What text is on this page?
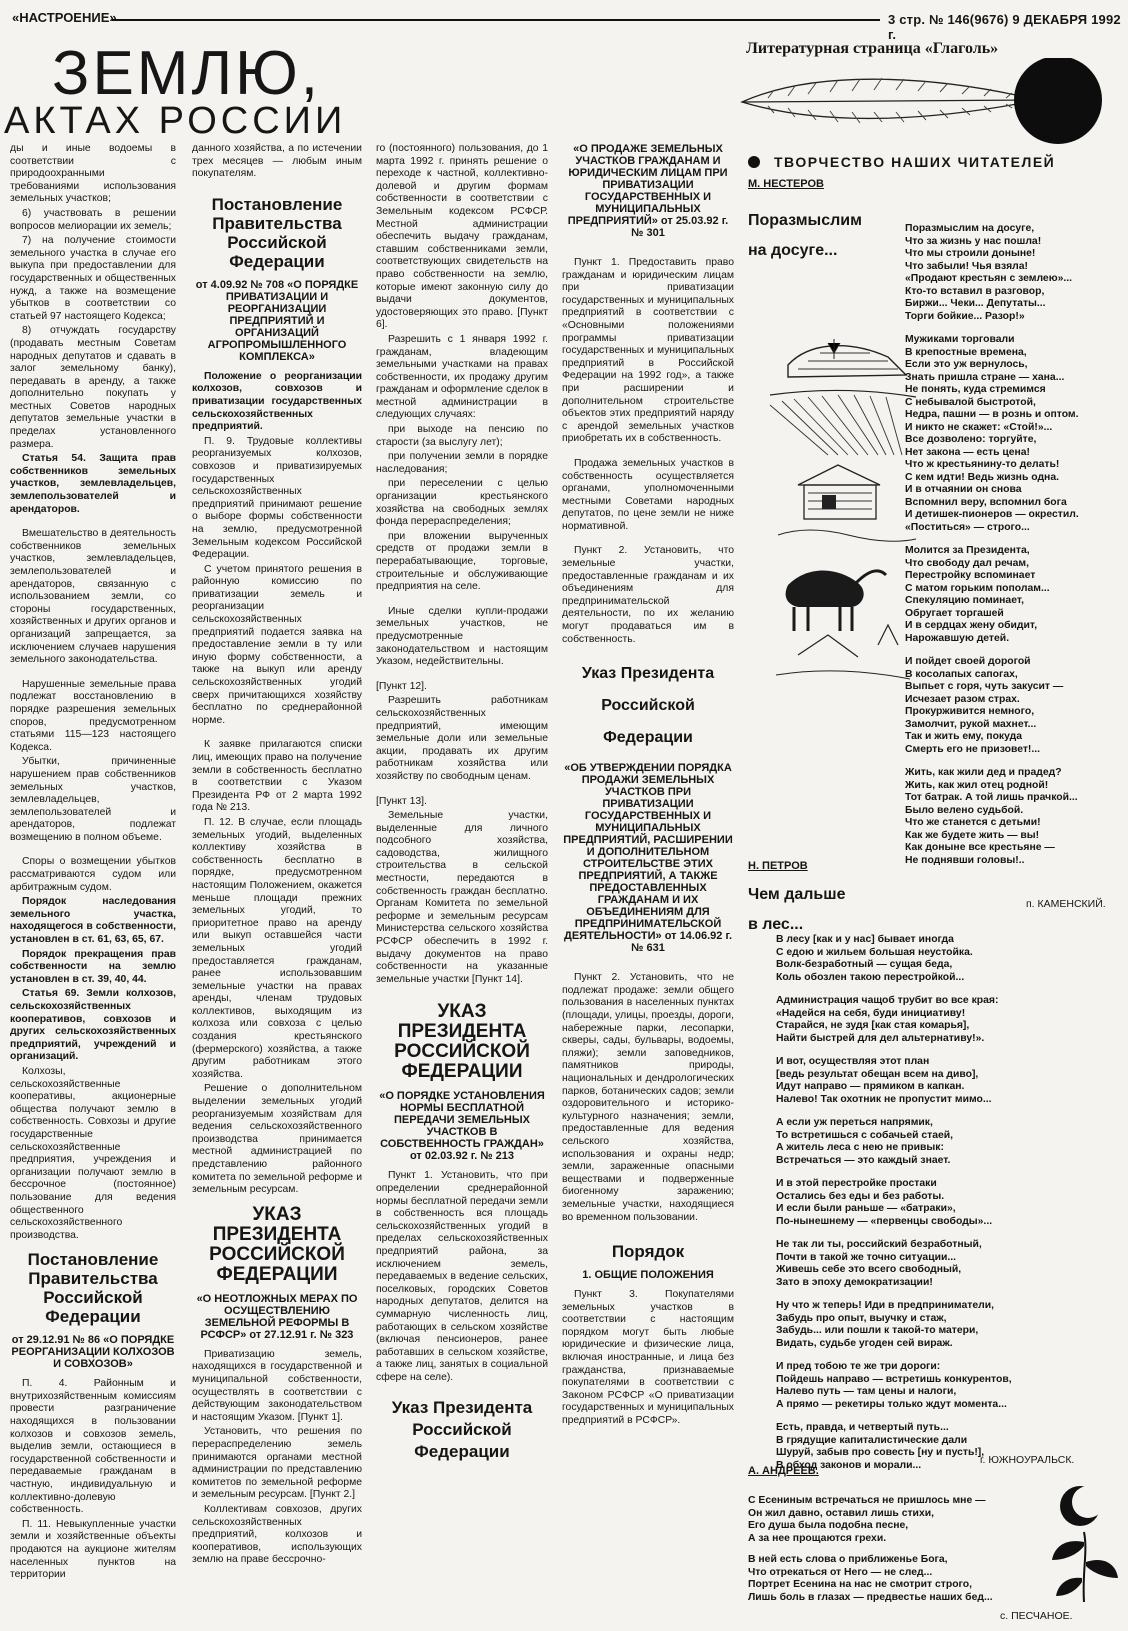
«НАСТРОЕНИЕ»	3 стр. № 146(9676) 9 ДЕКАБРЯ 1992 г.
ЗЕМЛЮ,
АКТАХ РОССИИ
Литературная страница «Глаголь»
ТВОРЧЕСТВО НАШИХ ЧИТАТЕЛЕЙ

ды и иные водоемы в соответствии с природоохранными требованиями использования земельных участков;

6) участвовать в решении вопросов мелиорации их земель;

7) на получение стоимости земельного участка в случае его выкупа при предоставлении для государственных и общественных нужд, а также на возмещение убытков в соответствии со статьей 97 настоящего Кодекса;

8) отчуждать государству (продавать местным Советам народных депутатов и сдавать в залог земельному банку), передавать в аренду, а также дополнительно покупать у местных Советов народных депутатов земельные участки в пределах установленного размера.

Статья 54. Защита прав собственников земельных участков, землевладельцев, землепользователей и арендаторов.

Вмешательство в деятельность собственников земельных участков, землевладельцев, землепользователей и арендаторов, связанную с использованием земли, со стороны государственных, хозяйственных и других органов и организаций запрещается, за исключением случаев нарушения земельного законодательства.

Нарушенные земельные права подлежат восстановлению в порядке разрешения земельных споров, предусмотренном статьями 115—123 настоящего Кодекса.

Убытки, причиненные нарушением прав собственников земельных участков, землевладельцев, землепользователей и арендаторов, подлежат возмещению в полном объеме.

Споры о возмещении убытков рассматриваются судом или арбитражным судом.

Порядок наследования земельного участка, находящегося в собственности, установлен в ст. 61, 63, 65, 67.

Порядок прекращения прав собственности на землю установлен в ст. 39, 40, 44.

Статья 69. Земли колхозов, сельскохозяйственных кооперативов, совхозов и других сельскохозяйственных предприятий, учреждений и организаций.

Колхозы, сельскохозяйственные кооперативы, акционерные общества получают землю в собственность. Совхозы и другие государственные сельскохозяйственные предприятия, учреждения и организации получают землю в бессрочное (постоянное) пользование для ведения общественного сельскохозяйственного производства.

Постановление Правительства Российской Федерации
от 29.12.91 № 86 «О ПОРЯДКЕ РЕОРГАНИЗАЦИИ КОЛХОЗОВ И СОВХОЗОВ»

П. 4. Районным и внутрихозяйственным комиссиям провести разграничение находящихся в пользовании колхозов и совхозов земель, выделив земли, остающиеся в государственной собственности и передаваемые гражданам в частную, индивидуальную и коллективно-долевую собственность.

П. 11. Невыкупленные участки земли и хозяйственные объекты продаются на аукционе жителям населенных пунктов на территории

данного хозяйства, а по истечении трех месяцев — любым иным покупателям.

Постановление Правительства Российской Федерации
от 4.09.92 № 708 «О ПОРЯДКЕ ПРИВАТИЗАЦИИ И РЕОРГАНИЗАЦИИ ПРЕДПРИЯТИЙ И ОРГАНИЗАЦИЙ АГРОПРОМЫШЛЕННОГО КОМПЛЕКСА»

Положение о реорганизации колхозов, совхозов и приватизации государственных сельскохозяйственных предприятий.

П. 9. Трудовые коллективы реорганизуемых колхозов, совхозов и приватизируемых государственных сельскохозяйственных предприятий принимают решение о выборе формы собственности на землю, предусмотренной Земельным кодексом Российской Федерации.

С учетом принятого решения в районную комиссию по приватизации земель и реорганизации сельскохозяйственных предприятий подается заявка на предоставление земли в ту или иную форму собственности, а также на выкуп или аренду сельскохозяйственных угодий сверх причитающихся хозяйству бесплатно по среднерайонной норме.

К заявке прилагаются списки лиц, имеющих право на получение земли в собственность бесплатно в соответствии с Указом Президента РФ от 2 марта 1992 года № 213.

П. 12. В случае, если площадь земельных угодий, выделенных коллективу хозяйства в собственность бесплатно в порядке, предусмотренном настоящим Положением, окажется меньше площади прежних земельных угодий, то приоритетное право на аренду или выкуп оставшейся части земельных угодий предоставляется гражданам, ранее использовавшим земельные участки на правах аренды, членам трудовых коллективов, выходящим из колхоза или совхоза с целью создания крестьянского (фермерского) хозяйства, а также другим работникам этого хозяйства.

Решение о дополнительном выделении земельных угодий реорганизуемым хозяйствам для ведения сельскохозяйственного производства принимается местной администрацией по представлению районного комитета по земельной реформе и земельным ресурсам.

УКАЗ ПРЕЗИДЕНТА РОССИЙСКОЙ ФЕДЕРАЦИИ
«О НЕОТЛОЖНЫХ МЕРАХ ПО ОСУЩЕСТВЛЕНИЮ ЗЕМЕЛЬНОЙ РЕФОРМЫ В РСФСР» от 27.12.91 г. № 323

Приватизацию земель, находящихся в государственной и муниципальной собственности, осуществлять в соответствии с действующим законодательством и настоящим Указом. [Пункт 1].

Установить, что решения по перераспределению земель принимаются органами местной администрации по представлению комитетов по земельной реформе и земельным ресурсам. [Пункт 2.]

Коллективам совхозов, других сельскохозяйственных предприятий, колхозов и кооперативов, использующих землю на праве бессрочно-

го (постоянного) пользования, до 1 марта 1992 г. принять решение о переходе к частной, коллективно-долевой и другим формам собственности в соответствии с Земельным кодексом РСФСР. Местной администрации обеспечить выдачу гражданам, ставшим собственниками земли, соответствующих свидетельств на право собственности на землю, которые имеют законную силу до выдачи документов, удостоверяющих это право. [Пункт 6].

Разрешить с 1 января 1992 г. гражданам, владеющим земельными участками на правах собственности, их продажу другим гражданам и оформление сделок в местной администрации в следующих случаях:

при выходе на пенсию по старости (за выслугу лет);

при получении земли в порядке наследования;

при переселении с целью организации крестьянского хозяйства на свободных землях фонда перераспределения;

при вложении вырученных средств от продажи земли в перерабатывающие, торговые, строительные и обслуживающие предприятия на селе.

Иные сделки купли-продажи земельных участков, не предусмотренные законодательством и настоящим Указом, недействительны.

[Пункт 12].

Разрешить работникам сельскохозяйственных предприятий, имеющим земельные доли или земельные акции, продавать их другим работникам хозяйства или хозяйству по свободным ценам.

[Пункт 13].

Земельные участки, выделенные для личного подсобного хозяйства, садоводства, жилищного строительства в сельской местности, передаются в собственность граждан бесплатно. Органам Комитета по земельной реформе и земельным ресурсам Министерства сельского хозяйства РСФСР обеспечить в 1992 г. выдачу документов на право собственности на указанные земельные участки [Пункт 14].

УКАЗ ПРЕЗИДЕНТА РОССИЙСКОЙ ФЕДЕРАЦИИ
«О ПОРЯДКЕ УСТАНОВЛЕНИЯ НОРМЫ БЕСПЛАТНОЙ ПЕРЕДАЧИ ЗЕМЕЛЬНЫХ УЧАСТКОВ В СОБСТВЕННОСТЬ ГРАЖДАН» от 02.03.92 г. № 213

Пункт 1. Установить, что при определении среднерайонной нормы бесплатной передачи земли в собственность вся площадь сельскохозяйственных угодий в пределах сельскохозяйственных предприятий района, за исключением земель, передаваемых в ведение сельских, поселковых, городских Советов народных депутатов, делится на суммарную численность лиц, работающих в сельском хозяйстве (включая пенсионеров, ранее работавших в сельском хозяйстве, а также лиц, занятых в социальной сфере на селе).

Указ Президента Российской Федерации
«О ПРОДАЖЕ ЗЕМЕЛЬНЫХ УЧАСТКОВ ГРАЖДАНАМ И ЮРИДИЧЕСКИМ ЛИЦАМ ПРИ ПРИВАТИЗАЦИИ ГОСУДАРСТВЕННЫХ И МУНИЦИПАЛЬНЫХ ПРЕДПРИЯТИЙ» от 25.03.92 г. № 301

Пункт 1. Предоставить право гражданам и юридическим лицам при приватизации государственных и муниципальных предприятий в соответствии с «Основными положениями программы приватизации государственных и муниципальных предприятий в Российской Федерации на 1992 год», а также при расширении и дополнительном строительстве объектов этих предприятий наряду с арендой земельных участков приобретать их в собственность.

Продажа земельных участков в собственность осуществляется органами, уполномоченными местными Советами народных депутатов, по цене земли не ниже нормативной.

Пункт 2. Установить, что земельные участки, предоставленные гражданам и их объединениям для предпринимательской деятельности, по их желанию могут продаваться им в собственность.

Указ Президента Российской Федерации
«ОБ УТВЕРЖДЕНИИ ПОРЯДКА ПРОДАЖИ ЗЕМЕЛЬНЫХ УЧАСТКОВ ПРИ ПРИВАТИЗАЦИИ ГОСУДАРСТВЕННЫХ И МУНИЦИПАЛЬНЫХ ПРЕДПРИЯТИЙ, РАСШИРЕНИИ И ДОПОЛНИТЕЛЬНОМ СТРОИТЕЛЬСТВЕ ЭТИХ ПРЕДПРИЯТИЙ, А ТАКЖЕ ПРЕДОСТАВЛЕННЫХ ГРАЖДАНАМ И ИХ ОБЪЕДИНЕНИЯМ ДЛЯ ПРЕДПРИНИМАТЕЛЬСКОЙ ДЕЯТЕЛЬНОСТИ» от 14.06.92 г. № 631

Пункт 2. Установить, что не подлежат продаже: земли общего пользования в населенных пунктах (площади, улицы, проезды, дороги, набережные парки, лесопарки, скверы, сады, бульвары, водоемы, пляжи); земли заповедников, памятников природы, национальных и дендрологических парков, ботанических садов; земли оздоровительного и историко-культурного назначения; земли, предоставленные для ведения сельского хозяйства, использования и охраны недр; земли, зараженные опасными веществами и подверженные биогенному заражению; земельные участки, находящиеся во временном пользовании.

Порядок
1. ОБЩИЕ ПОЛОЖЕНИЯ

Пункт 3. Покупателями земельных участков в соответствии с настоящим порядком могут быть любые юридические и физические лица, включая иностранные, и лица без гражданства, признаваемые покупателями в соответствии с Законом РСФСР «О приватизации государственных и муниципальных предприятий в РСФСР».

М. НЕСТЕРОВ
Поразмыслим
на досуге...

Поразмыслим на досуге,
Что за жизнь у нас пошла!
Что мы строили доныне!
Что забыли! Чья взяла!
«Продают крестьян с землею»...
Кто-то вставил в разговор,
Биржи... Чеки... Депутаты...
Торги бойкие... Разор!»

Мужиками торговали
В крепостные времена,
Если это уж вернулось,
Знать пришла стране — хана...
Не понять, куда стремимся
С небывалой быстротой,
Недра, пашни — в рознь и оптом.
И никто не скажет: «Стой!»...
Все дозволено: торгуйте,
Нет закона — есть цена!
Что ж крестьянину-то делать!
С кем идти! Ведь жизнь одна.
И в отчаянии он снова
Вспомнил веру, вспомнил бога
И детишек-пионеров — окрестил.
«Поститься» — строго...

Молится за Президента,
Что свободу дал речам,
Перестройку вспоминает
С матом горьким пополам...
Спекуляцию поминает,
Обругает торгашей
И в сердцах жену обидит,
Нарожавшую детей.

И пойдет своей дорогой
В косолапых сапогах,
Выпьет с горя, чуть закусит —
Исчезает разом страх.
Прокурживится немного,
Замолчит, рукой махнет...
Так и жить ему, покуда
Смерть его не призовет!...

Жить, как жили дед и прадед?
Жить, как жил отец родной!
Тот батрак. А той лишь прачкой...
Было велено судьбой.
Что же станется с детьми!
Как же будете жить — вы!
Как доныне все крестьяне —
Не поднявши головы!..

п. КАМЕНСКИЙ.
Н. ПЕТРОВ
Чем дальше
в лес...

В лесу [как и у нас] бывает иногда
С едою и жильем большая неустойка.
Волк-безработный — сущая беда,
Коль обозлен такою перестройкой...

Администрация чащоб трубит во все края:
«Надейся на себя, буди инициативу!
Старайся, не зудя [как стая комарья],
Найти быстрей для дел альтернативу!».

И вот, осуществляя этот план
[ведь результат обещан всем на диво],
Идут направо — прямиком в капкан.
Налево! Так охотник не пропустит мимо...

А если уж переться напрямик,
То встретишься с собачьей стаей,
А житель леса с нею не привык:
Встречаться — это каждый знает.

И в этой перестройке простаки
Остались без еды и без работы.
И если были раньше — «батраки»,
По-нынешнему — «первенцы свободы»...

Не так ли ты, российский безработный,
Почти в такой же точно ситуации...
Живешь себе это всего свободный,
Зато в эпоху демократизации!

Ну что ж теперь! Иди в предприниматели,
Забудь про опыт, выучку и стаж,
Забудь... или пошли к такой-то матери,
Видать, судьбе угоден сей вираж.

И пред тобою те же три дороги:
Пойдешь направо — встретишь конкурентов,
Налево путь — там цены и налоги,
А прямо — рекетиры только ждут момента...

Есть, правда, и четвертый путь...
В грядущие капиталистические дали
Шуруй, забыв про совесть [ну и пусть!],
В обход законов и морали...	г. ЮЖНОУРАЛЬСК.
А. АНДРЕЕВ.

С Есениным встречаться не пришлось мне —
Он жил давно, оставил лишь стихи,
Его душа была подобна песне,
А за нее прощаются грехи.

В ней есть слова о приближенье Бога,
Что отрекаться от Него — не след...
Портрет Есенина на нас не смотрит строго,
Лишь боль в глазах — предвестье наших бед...

с. ПЕСЧАНОЕ.
